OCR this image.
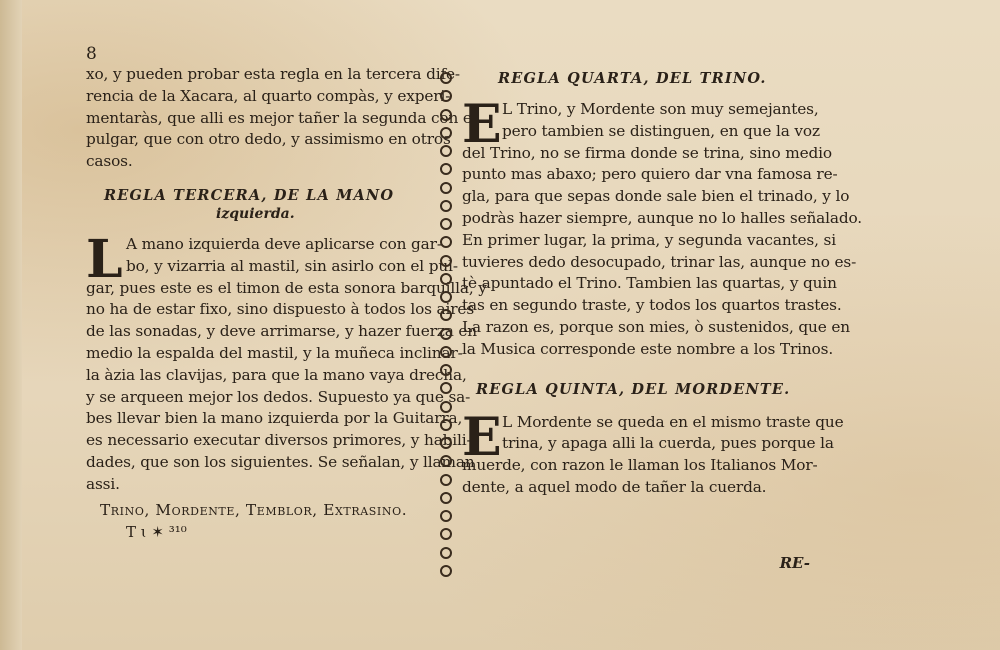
8
xo, y pueden probar esta regla en la tercera dife-
rencia de la Xacara, al quarto compàs, y experi-
mentaràs, que alli es mejor tañer la segunda con el
pulgar, que con otro dedo, y assimismo en otros
casos.
REGLA TERCERA, DE LA MANO
izquierda.
L A mano izquierda deve aplicarse con gar-
bo, y vizarria al mastil, sin asirlo con el pul-
gar, pues este es el timon de esta sonora barquilla, y
no ha de estar fixo, sino dispuesto à todos los aires
de las sonadas, y deve arrimarse, y hazer fuerza en
medio la espalda del mastil, y la muñeca inclinar-
la àzia las clavijas, para que la mano vaya drecha,
y se arqueen mejor los dedos. Supuesto ya que sa-
bes llevar bien la mano izquierda por la Guitarra,
es necessario executar diversos primores, y habili-
dades, que son los siguientes. Se señalan, y llaman
assi.
Trino, Mordente, Temblor, Extrasino.
T ɩ ✶ ³¹⁰
REGLA QUARTA, DEL TRINO.
E L Trino, y Mordente son muy semejantes,
pero tambien se distinguen, en que la voz
del Trino, no se firma donde se trina, sino medio
punto mas abaxo; pero quiero dar vna famosa re-
gla, para que sepas donde sale bien el trinado, y lo
podràs hazer siempre, aunque no lo halles señalado.
En primer lugar, la prima, y segunda vacantes, si
tuvieres dedo desocupado, trinar las, aunque no es-
tè apuntado el Trino. Tambien las quartas, y quin
tas en segundo traste, y todos los quartos trastes.
La razon es, porque son mies, ò sustenidos, que en
la Musica corresponde este nombre a los Trinos.
REGLA QUINTA, DEL MORDENTE.
E L Mordente se queda en el mismo traste que
trina, y apaga alli la cuerda, pues porque la
muerde, con razon le llaman los Italianos Mor-
dente, a aquel modo de tañer la cuerda.
RE-
